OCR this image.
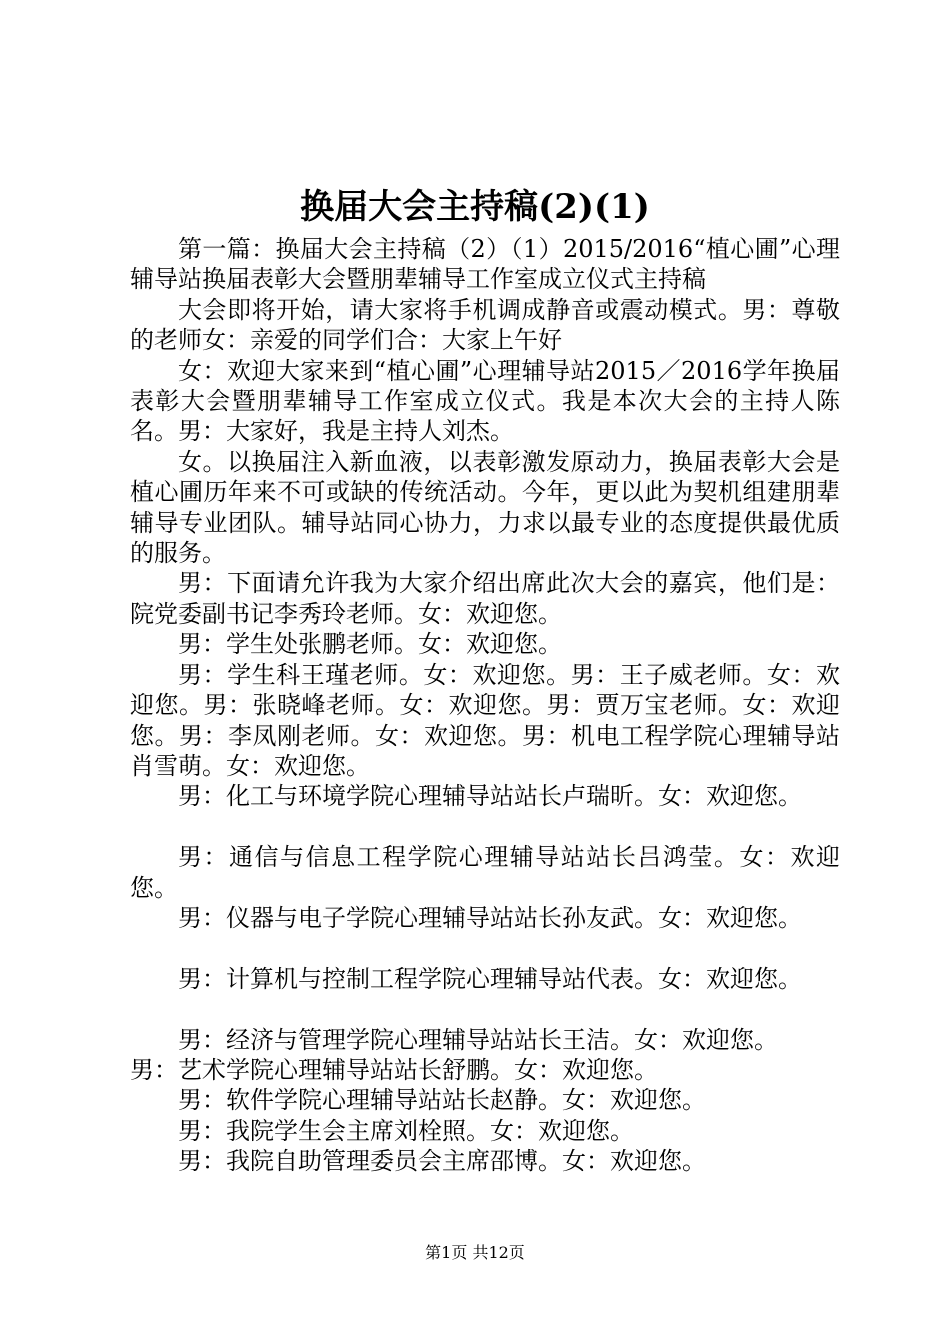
换届大会主持稿(2)(1)

第一篇：换届大会主持稿（2）（1）2015/2016“植心圃”心理辅导站换届表彰大会暨朋辈辅导工作室成立仪式主持稿

大会即将开始，请大家将手机调成静音或震动模式。男：尊敬的老师女：亲爱的同学们合：大家上午好

女：欢迎大家来到“植心圃”心理辅导站2015／2016学年换届表彰大会暨朋辈辅导工作室成立仪式。我是本次大会的主持人陈名。男：大家好，我是主持人刘杰。

女。以换届注入新血液，以表彰激发原动力，换届表彰大会是植心圃历年来不可或缺的传统活动。今年，更以此为契机组建朋辈辅导专业团队。辅导站同心协力，力求以最专业的态度提供最优质的服务。

男：下面请允许我为大家介绍出席此次大会的嘉宾，他们是：院党委副书记李秀玲老师。女：欢迎您。

男：学生处张鹏老师。女：欢迎您。

男：学生科王瑾老师。女：欢迎您。男：王子威老师。女：欢迎您。男：张晓峰老师。女：欢迎您。男：贾万宝老师。女：欢迎您。男：李凤刚老师。女：欢迎您。男：机电工程学院心理辅导站肖雪萌。女：欢迎您。

男：化工与环境学院心理辅导站站长卢瑞昕。女：欢迎您。

男：通信与信息工程学院心理辅导站站长吕鸿莹。女：欢迎您。

男：仪器与电子学院心理辅导站站长孙友武。女：欢迎您。

男：计算机与控制工程学院心理辅导站代表。女：欢迎您。

男：经济与管理学院心理辅导站站长王洁。女：欢迎您。

男：艺术学院心理辅导站站长舒鹏。女：欢迎您。

男：软件学院心理辅导站站长赵静。女：欢迎您。

男：我院学生会主席刘栓照。女：欢迎您。

男：我院自助管理委员会主席邵博。女：欢迎您。

第1页 共12页
